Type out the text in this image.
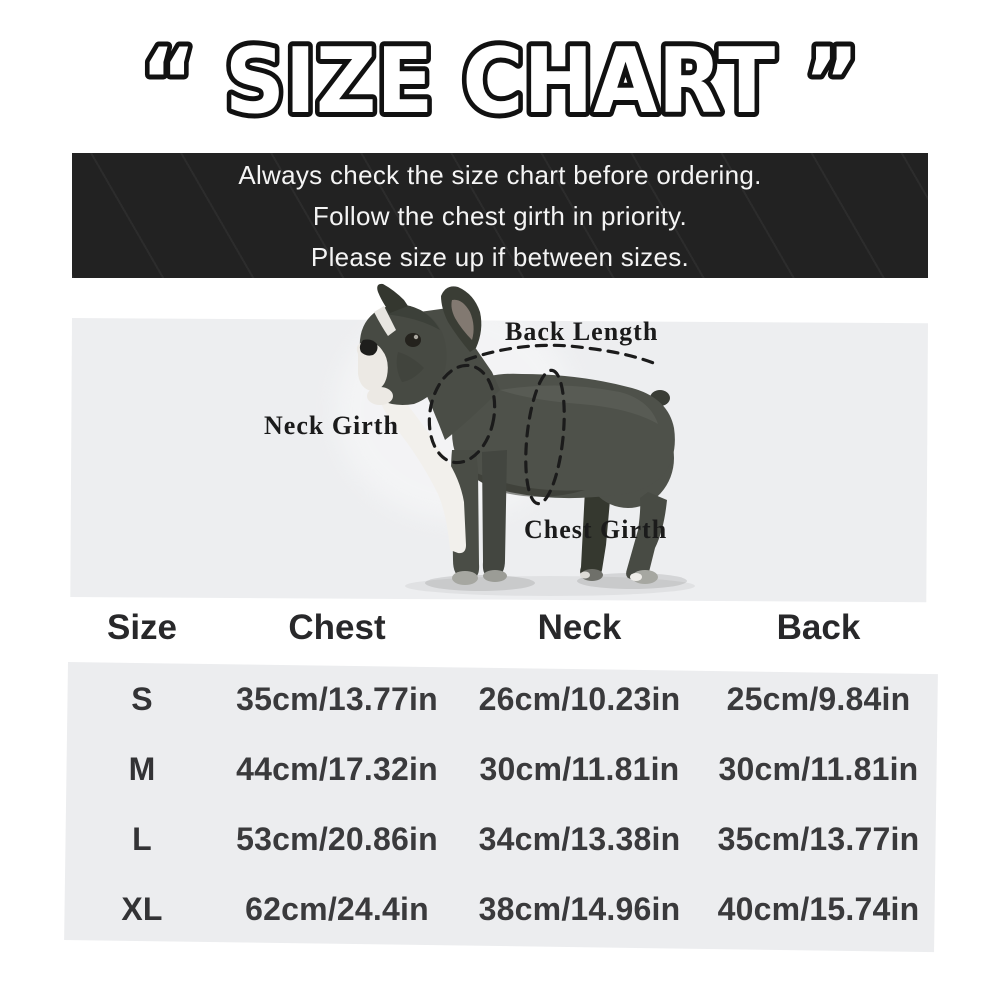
“ SIZE CHART ”

Always check the size chart before ordering.

Follow the chest girth in priority.

Please size up if between sizes.

Back Length
Neck Girth
Chest Girth
Size	Chest	Neck	Back
S	35cm/13.77in	26cm/10.23in	25cm/9.84in
M	44cm/17.32in	30cm/11.81in	30cm/11.81in
L	53cm/20.86in	34cm/13.38in	35cm/13.77in
XL	62cm/24.4in	38cm/14.96in	40cm/15.74in
